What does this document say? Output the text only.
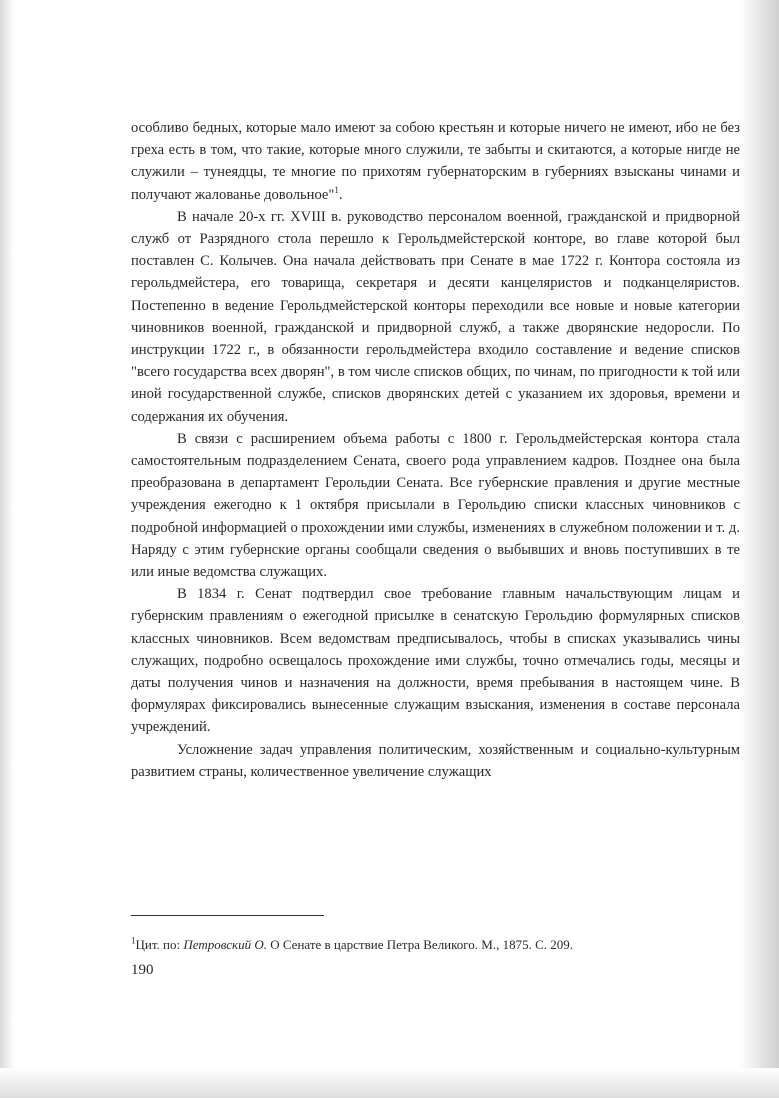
особливо бедных, которые мало имеют за собою крестьян и которые ничего не имеют, ибо не без греха есть в том, что такие, которые много служили, те забыты и скитаются, а которые нигде не служили – тунеядцы, те многие по прихотям губернаторским в губерниях взысканы чинами и получают жалованье довольное"$^1$.

В начале 20-х гг. XVIII в. руководство персоналом военной, гражданской и придворной служб от Разрядного стола перешло к Герольдмейстерской конторе, во главе которой был поставлен С. Колычев. Она начала действовать при Сенате в мае 1722 г. Контора состояла из герольдмейстера, его товарища, секретаря и десяти канцеляристов и подканцеляристов. Постепенно в ведение Герольдмейстерской конторы переходили все новые и новые категории чиновников военной, гражданской и придворной служб, а также дворянские недоросли. По инструкции 1722 г., в обязанности герольдмейстера входило составление и ведение списков "всего государства всех дворян", в том числе списков общих, по чинам, по пригодности к той или иной государственной службе, списков дворянских детей с указанием их здоровья, времени и содержания их обучения.

В связи с расширением объема работы с 1800 г. Герольдмейстерская контора стала самостоятельным подразделением Сената, своего рода управлением кадров. Позднее она была преобразована в департамент Герольдии Сената. Все губернские правления и другие местные учреждения ежегодно к 1 октября присылали в Герольдию списки классных чиновников с подробной информацией о прохождении ими службы, изменениях в служебном положении и т. д. Наряду с этим губернские органы сообщали сведения о выбывших и вновь поступивших в те или иные ведомства служащих.

В 1834 г. Сенат подтвердил свое требование главным начальствующим лицам и губернским правлениям о ежегодной присылке в сенатскую Герольдию формулярных списков классных чиновников. Всем ведомствам предписывалось, чтобы в списках указывались чины служащих, подробно освещалось прохождение ими службы, точно отмечались годы, месяцы и даты получения чинов и назначения на должности, время пребывания в настоящем чине. В формулярах фиксировались вынесенные служащим взыскания, изменения в составе персонала учреждений.

Усложнение задач управления политическим, хозяйственным и социально-культурным развитием страны, количественное увеличение служащих

$^1$Цит. по: Петровский О. О Сенате в царствие Петра Великого. М., 1875. С. 209.
190
